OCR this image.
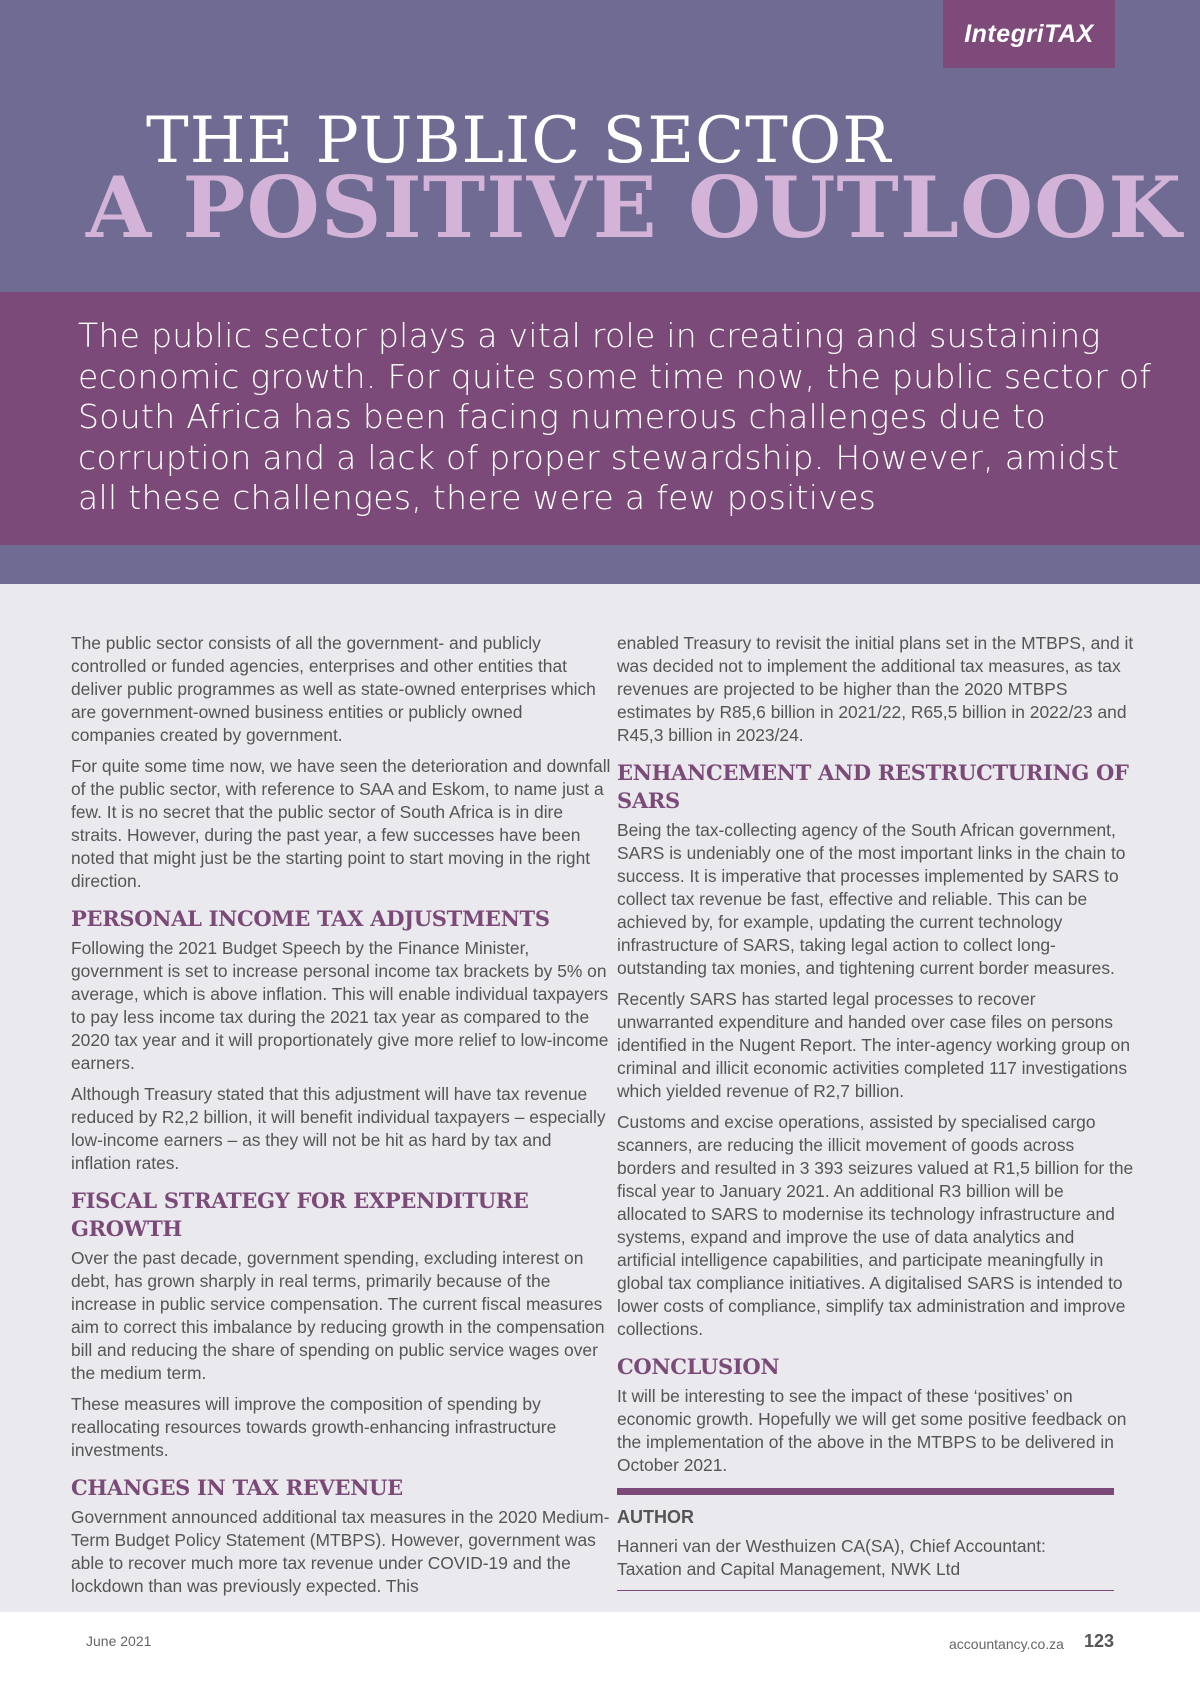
IntegriTAX
THE PUBLIC SECTOR
A POSITIVE OUTLOOK
The public sector plays a vital role in creating and sustaining economic growth. For quite some time now, the public sector of South Africa has been facing numerous challenges due to corruption and a lack of proper stewardship. However, amidst all these challenges, there were a few positives

The public sector consists of all the government- and publicly controlled or funded agencies, enterprises and other entities that deliver public programmes as well as state-owned enterprises which are government-owned business entities or publicly owned companies created by government.

For quite some time now, we have seen the deterioration and downfall of the public sector, with reference to SAA and Eskom, to name just a few. It is no secret that the public sector of South Africa is in dire straits. However, during the past year, a few successes have been noted that might just be the starting point to start moving in the right direction.

PERSONAL INCOME TAX ADJUSTMENTS

Following the 2021 Budget Speech by the Finance Minister, government is set to increase personal income tax brackets by 5% on average, which is above inflation. This will enable individual taxpayers to pay less income tax during the 2021 tax year as compared to the 2020 tax year and it will proportionately give more relief to low-income earners.

Although Treasury stated that this adjustment will have tax revenue reduced by R2,2 billion, it will benefit individual taxpayers – especially low-income earners – as they will not be hit as hard by tax and inflation rates.

FISCAL STRATEGY FOR EXPENDITURE GROWTH

Over the past decade, government spending, excluding interest on debt, has grown sharply in real terms, primarily because of the increase in public service compensation. The current fiscal measures aim to correct this imbalance by reducing growth in the compensation bill and reducing the share of spending on public service wages over the medium term.

These measures will improve the composition of spending by reallocating resources towards growth-enhancing infrastructure investments.

CHANGES IN TAX REVENUE

Government announced additional tax measures in the 2020 Medium-Term Budget Policy Statement (MTBPS). However, government was able to recover much more tax revenue under COVID-19 and the lockdown than was previously expected. This

enabled Treasury to revisit the initial plans set in the MTBPS, and it was decided not to implement the additional tax measures, as tax revenues are projected to be higher than the 2020 MTBPS estimates by R85,6 billion in 2021/22, R65,5 billion in 2022/23 and R45,3 billion in 2023/24.

ENHANCEMENT AND RESTRUCTURING OF SARS

Being the tax-collecting agency of the South African government, SARS is undeniably one of the most important links in the chain to success. It is imperative that processes implemented by SARS to collect tax revenue be fast, effective and reliable. This can be achieved by, for example, updating the current technology infrastructure of SARS, taking legal action to collect long-outstanding tax monies, and tightening current border measures.

Recently SARS has started legal processes to recover unwarranted expenditure and handed over case files on persons identified in the Nugent Report. The inter-agency working group on criminal and illicit economic activities completed 117 investigations which yielded revenue of R2,7 billion.

Customs and excise operations, assisted by specialised cargo scanners, are reducing the illicit movement of goods across borders and resulted in 3 393 seizures valued at R1,5 billion for the fiscal year to January 2021. An additional R3 billion will be allocated to SARS to modernise its technology infrastructure and systems, expand and improve the use of data analytics and artificial intelligence capabilities, and participate meaningfully in global tax compliance initiatives. A digitalised SARS is intended to lower costs of compliance, simplify tax administration and improve collections.

CONCLUSION

It will be interesting to see the impact of these ‘positives’ on economic growth. Hopefully we will get some positive feedback on the implementation of the above in the MTBPS to be delivered in October 2021.

AUTHOR
Hanneri van der Westhuizen CA(SA), Chief Accountant: Taxation and Capital Management, NWK Ltd
June 2021	accountancy.co.za 123
